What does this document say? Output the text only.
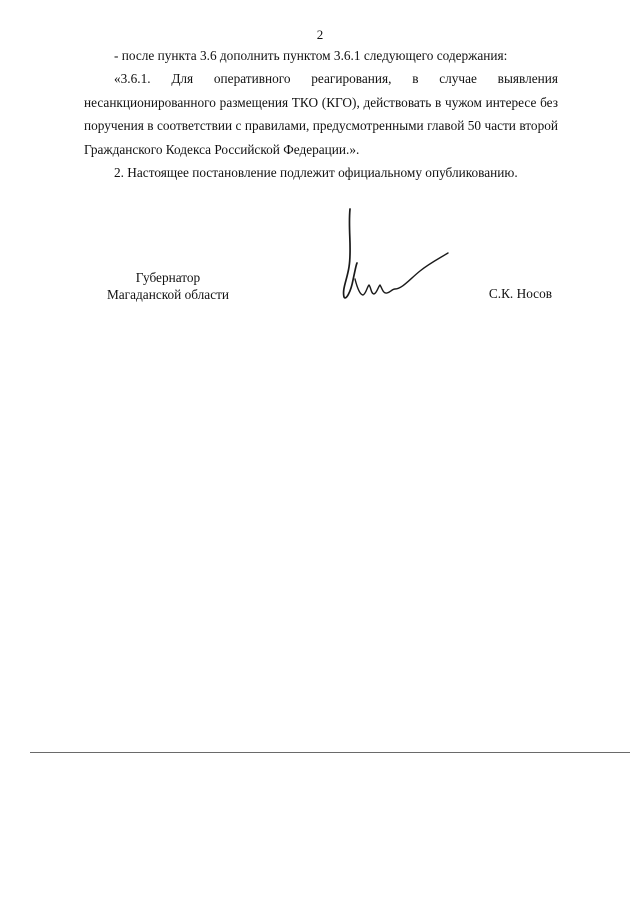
2

- после пункта 3.6 дополнить пунктом 3.6.1 следующего содержания:

«3.6.1. Для оперативного реагирования, в случае выявления несанкционированного размещения ТКО (КГО), действовать в чужом интересе без поручения в соответствии с правилами, предусмотренными главой 50 части второй Гражданского Кодекса Российской Федерации.».

2. Настоящее постановление подлежит официальному опубликованию.

Губернатор
Магаданской области	С.К. Носов
